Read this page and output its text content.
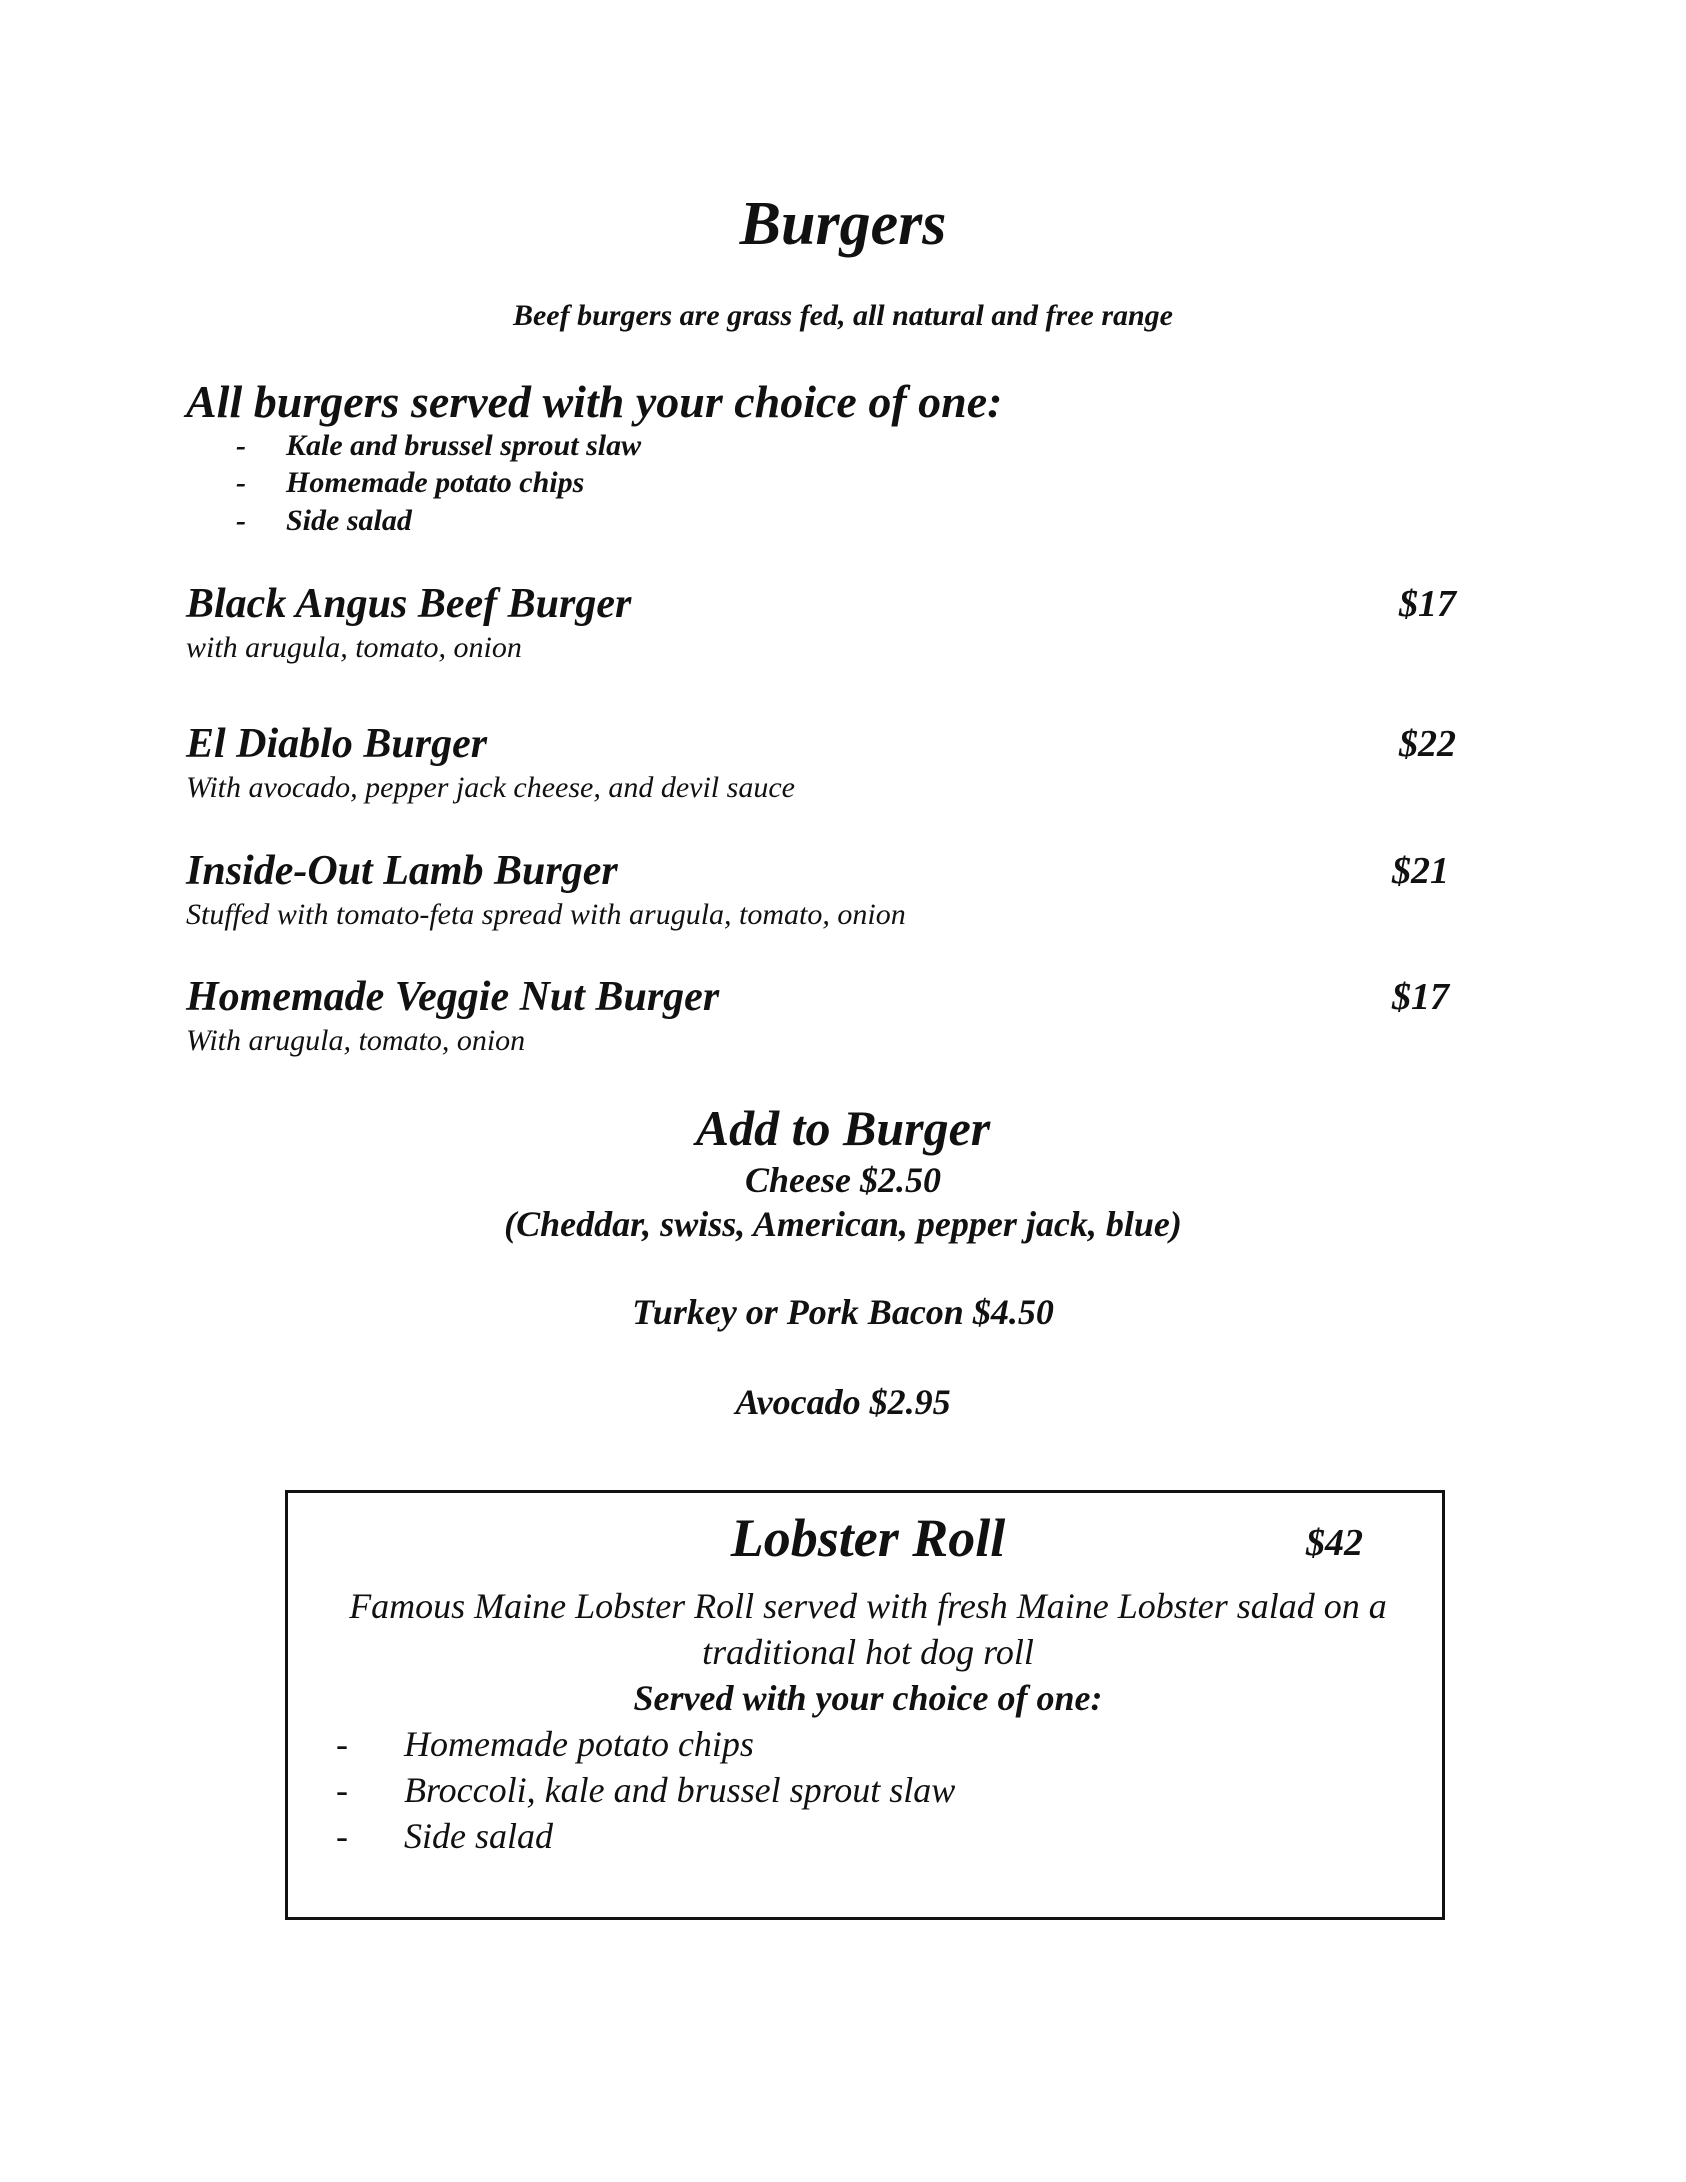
Burgers
Beef burgers are grass fed, all natural and free range
All burgers served with your choice of one:
- Kale and brussel sprout slaw
- Homemade potato chips
- Side salad
Black Angus Beef Burger	$17
with arugula, tomato, onion
El Diablo Burger	$22
With avocado, pepper jack cheese, and devil sauce
Inside-Out Lamb Burger	$21
Stuffed with tomato-feta spread with arugula, tomato, onion
Homemade Veggie Nut Burger	$17
With arugula, tomato, onion
Add to Burger
Cheese $2.50
(Cheddar, swiss, American, pepper jack, blue)
Turkey or Pork Bacon $4.50
Avocado $2.95
Lobster Roll	$42
Famous Maine Lobster Roll served with fresh Maine Lobster salad on a traditional hot dog roll
Served with your choice of one:
- Homemade potato chips
- Broccoli, kale and brussel sprout slaw
- Side salad
